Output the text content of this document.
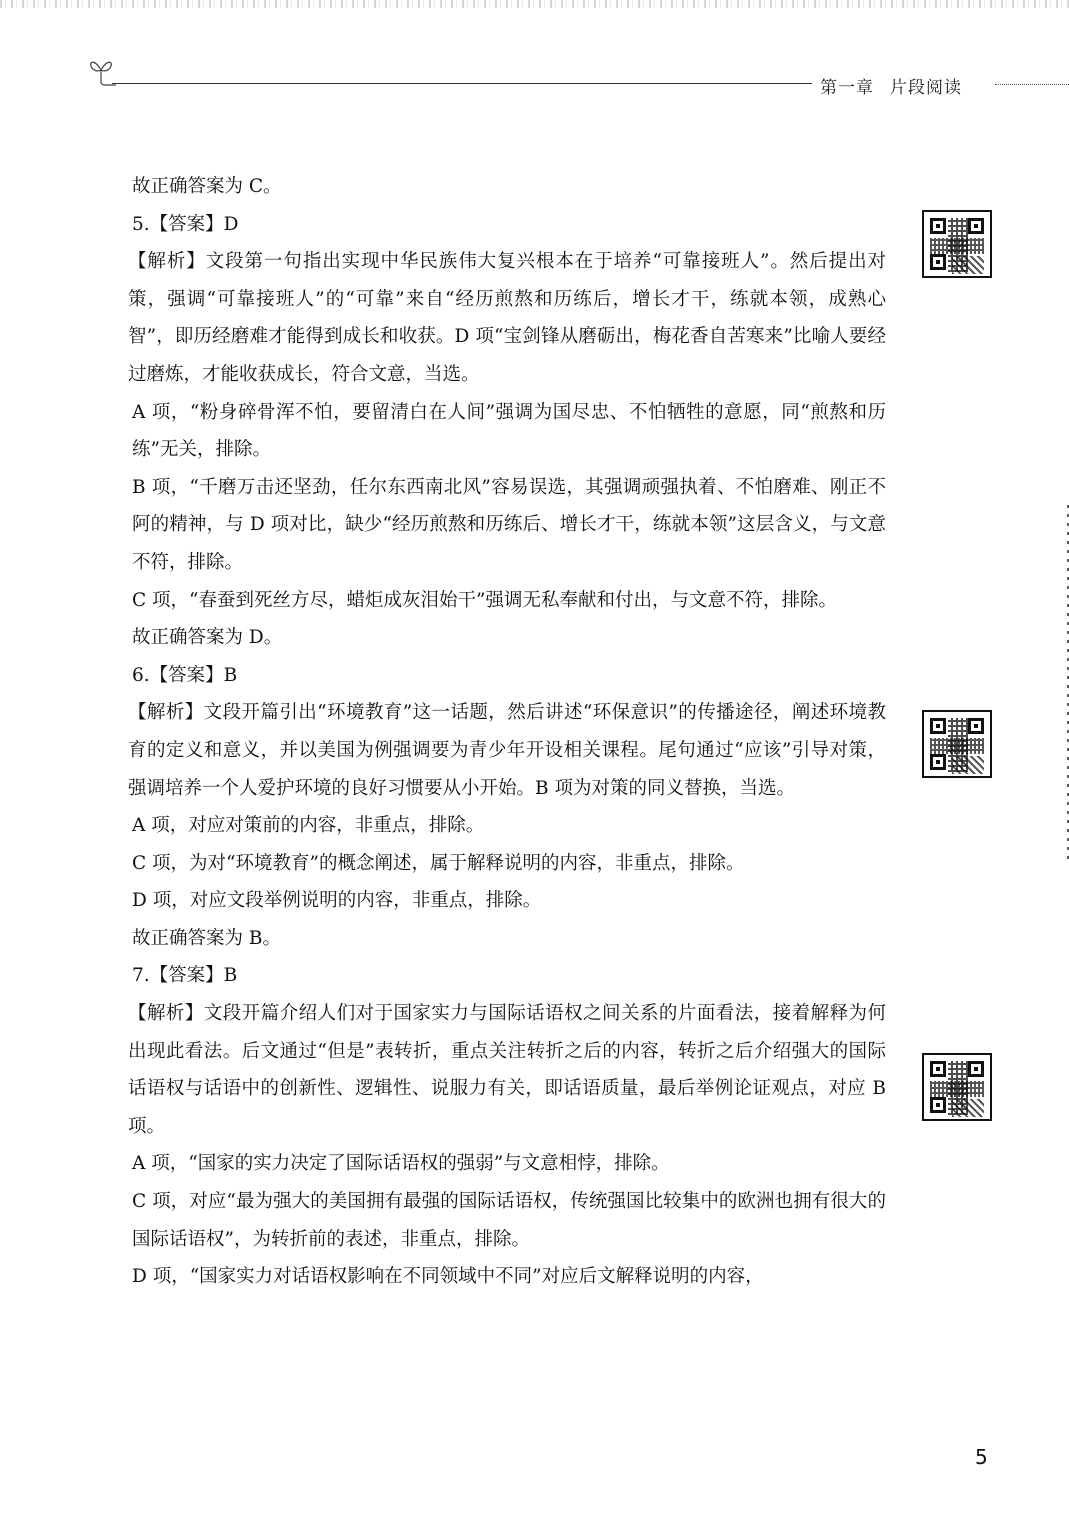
第一章 片段阅读

故正确答案为 C。

5.【答案】D

【解析】文段第一句指出实现中华民族伟大复兴根本在于培养“可靠接班人”。然后提出对策，强调“可靠接班人”的“可靠”来自“经历煎熬和历练后，增长才干，练就本领，成熟心智”，即历经磨难才能得到成长和收获。D 项“宝剑锋从磨砺出，梅花香自苦寒来”比喻人要经过磨炼，才能收获成长，符合文意，当选。

A 项，“粉身碎骨浑不怕，要留清白在人间”强调为国尽忠、不怕牺牲的意愿，同“煎熬和历练”无关，排除。

B 项，“千磨万击还坚劲，任尔东西南北风”容易误选，其强调顽强执着、不怕磨难、刚正不阿的精神，与 D 项对比，缺少“经历煎熬和历练后、增长才干，练就本领”这层含义，与文意不符，排除。

C 项，“春蚕到死丝方尽，蜡炬成灰泪始干”强调无私奉献和付出，与文意不符，排除。

故正确答案为 D。

6.【答案】B

【解析】文段开篇引出“环境教育”这一话题，然后讲述“环保意识”的传播途径，阐述环境教育的定义和意义，并以美国为例强调要为青少年开设相关课程。尾句通过“应该”引导对策，强调培养一个人爱护环境的良好习惯要从小开始。B 项为对策的同义替换，当选。

A 项，对应对策前的内容，非重点，排除。

C 项，为对“环境教育”的概念阐述，属于解释说明的内容，非重点，排除。

D 项，对应文段举例说明的内容，非重点，排除。

故正确答案为 B。

7.【答案】B

【解析】文段开篇介绍人们对于国家实力与国际话语权之间关系的片面看法，接着解释为何出现此看法。后文通过“但是”表转折，重点关注转折之后的内容，转折之后介绍强大的国际话语权与话语中的创新性、逻辑性、说服力有关，即话语质量，最后举例论证观点，对应 B 项。

A 项，“国家的实力决定了国际话语权的强弱”与文意相悖，排除。

C 项，对应“最为强大的美国拥有最强的国际话语权，传统强国比较集中的欧洲也拥有很大的国际话语权”，为转折前的表述，非重点，排除。

D 项，“国家实力对话语权影响在不同领域中不同”对应后文解释说明的内容，

5
